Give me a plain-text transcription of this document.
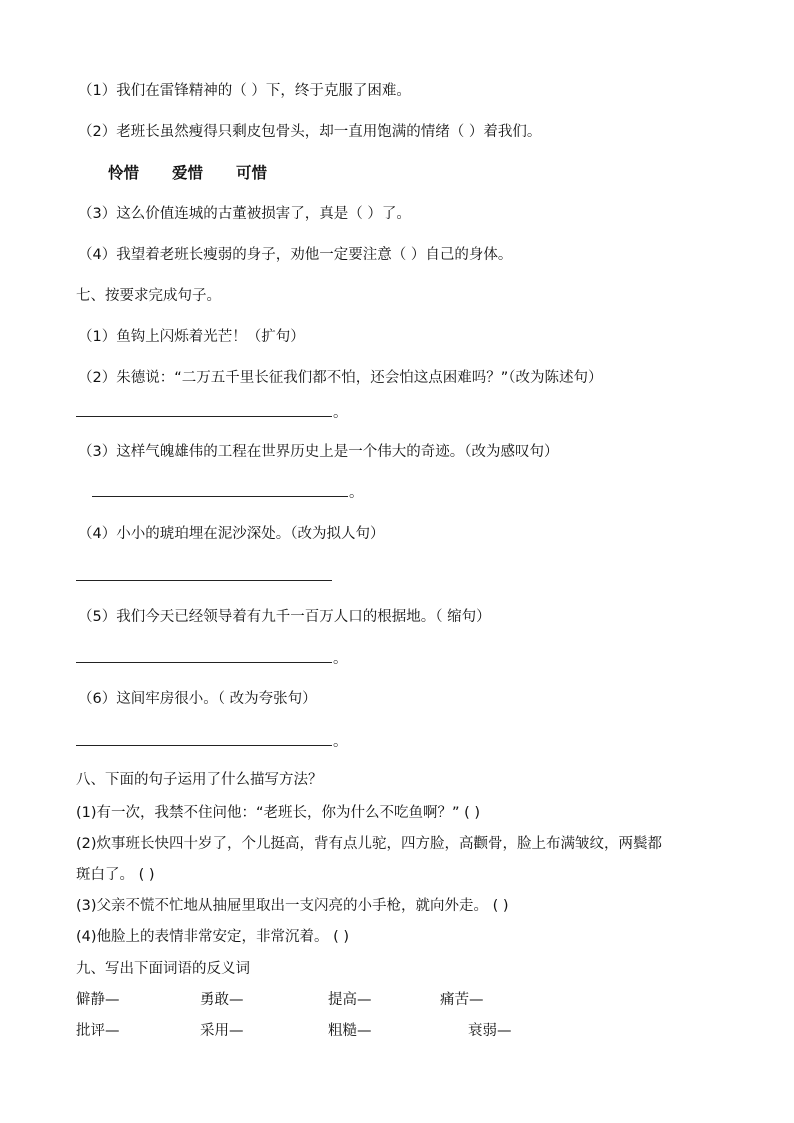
（1）我们在雷锋精神的（ ）下，终于克服了困难。
（2）老班长虽然瘦得只剩皮包骨头，却一直用饱满的情绪（ ）着我们。
怜惜 爱惜 可惜
（3）这么价值连城的古董被损害了，真是（ ）了。
（4）我望着老班长瘦弱的身子，劝他一定要注意（ ）自己的身体。
七、按要求完成句子。
（1）鱼钩上闪烁着光芒！（扩句）
（2）朱德说：“二万五千里长征我们都不怕，还会怕这点困难吗？”（改为陈述句）
。
（3）这样气魄雄伟的工程在世界历史上是一个伟大的奇迹。（改为感叹句）
。
（4）小小的琥珀埋在泥沙深处。（改为拟人句）
（5）我们今天已经领导着有九千一百万人口的根据地。（ 缩句）
。
（6）这间牢房很小。（ 改为夸张句）
。
八、下面的句子运用了什么描写方法？
(1)有一次，我禁不住问他：“老班长，你为什么不吃鱼啊？” ( )
(2)炊事班长快四十岁了，个儿挺高，背有点儿驼，四方脸，高颧骨，脸上布满皱纹，两鬓都
斑白了。 ( )
(3)父亲不慌不忙地从抽屉里取出一支闪亮的小手枪，就向外走。 ( )
(4)他脸上的表情非常安定，非常沉着。 ( )
九、写出下面词语的反义词
僻静—	勇敢—	提高—	痛苦—
批评—	采用—	粗糙—	衰弱—
